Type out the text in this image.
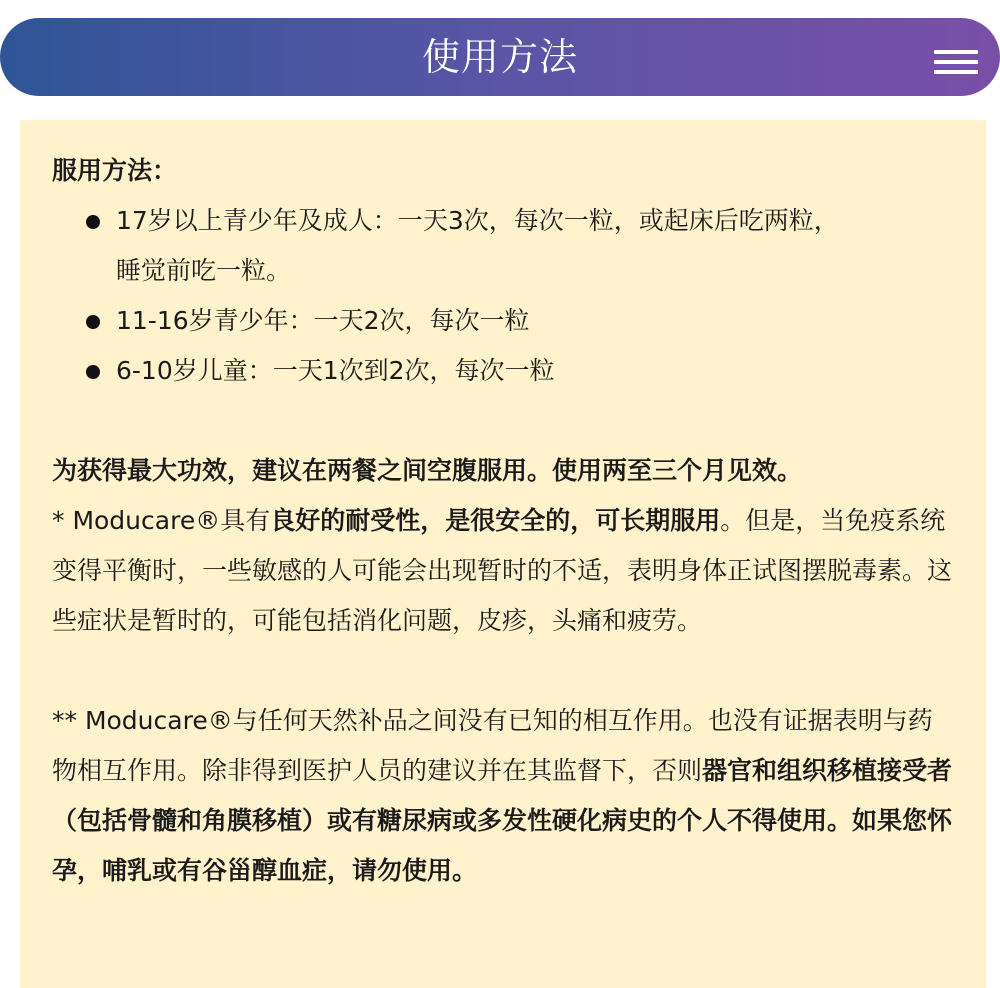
使用方法

服用方法：

17岁以上青少年及成人：一天3次，每次一粒，或起床后吃两粒，
睡觉前吃一粒。
11-16岁青少年：一天2次，每次一粒
6-10岁儿童：一天1次到2次，每次一粒

为获得最大功效，建议在两餐之间空腹服用。使用两至三个月见效。

* Moducare®具有良好的耐受性，是很安全的，可长期服用。但是，当免疫系统变得平衡时，一些敏感的人可能会出现暂时的不适，表明身体正试图摆脱毒素。这些症状是暂时的，可能包括消化问题，皮疹，头痛和疲劳。

** Moducare®与任何天然补品之间没有已知的相互作用。也没有证据表明与药物相互作用。除非得到医护人员的建议并在其监督下，否则器官和组织移植接受者（包括骨髓和角膜移植）或有糖尿病或多发性硬化病史的个人不得使用。如果您怀孕，哺乳或有谷甾醇血症，请勿使用。
